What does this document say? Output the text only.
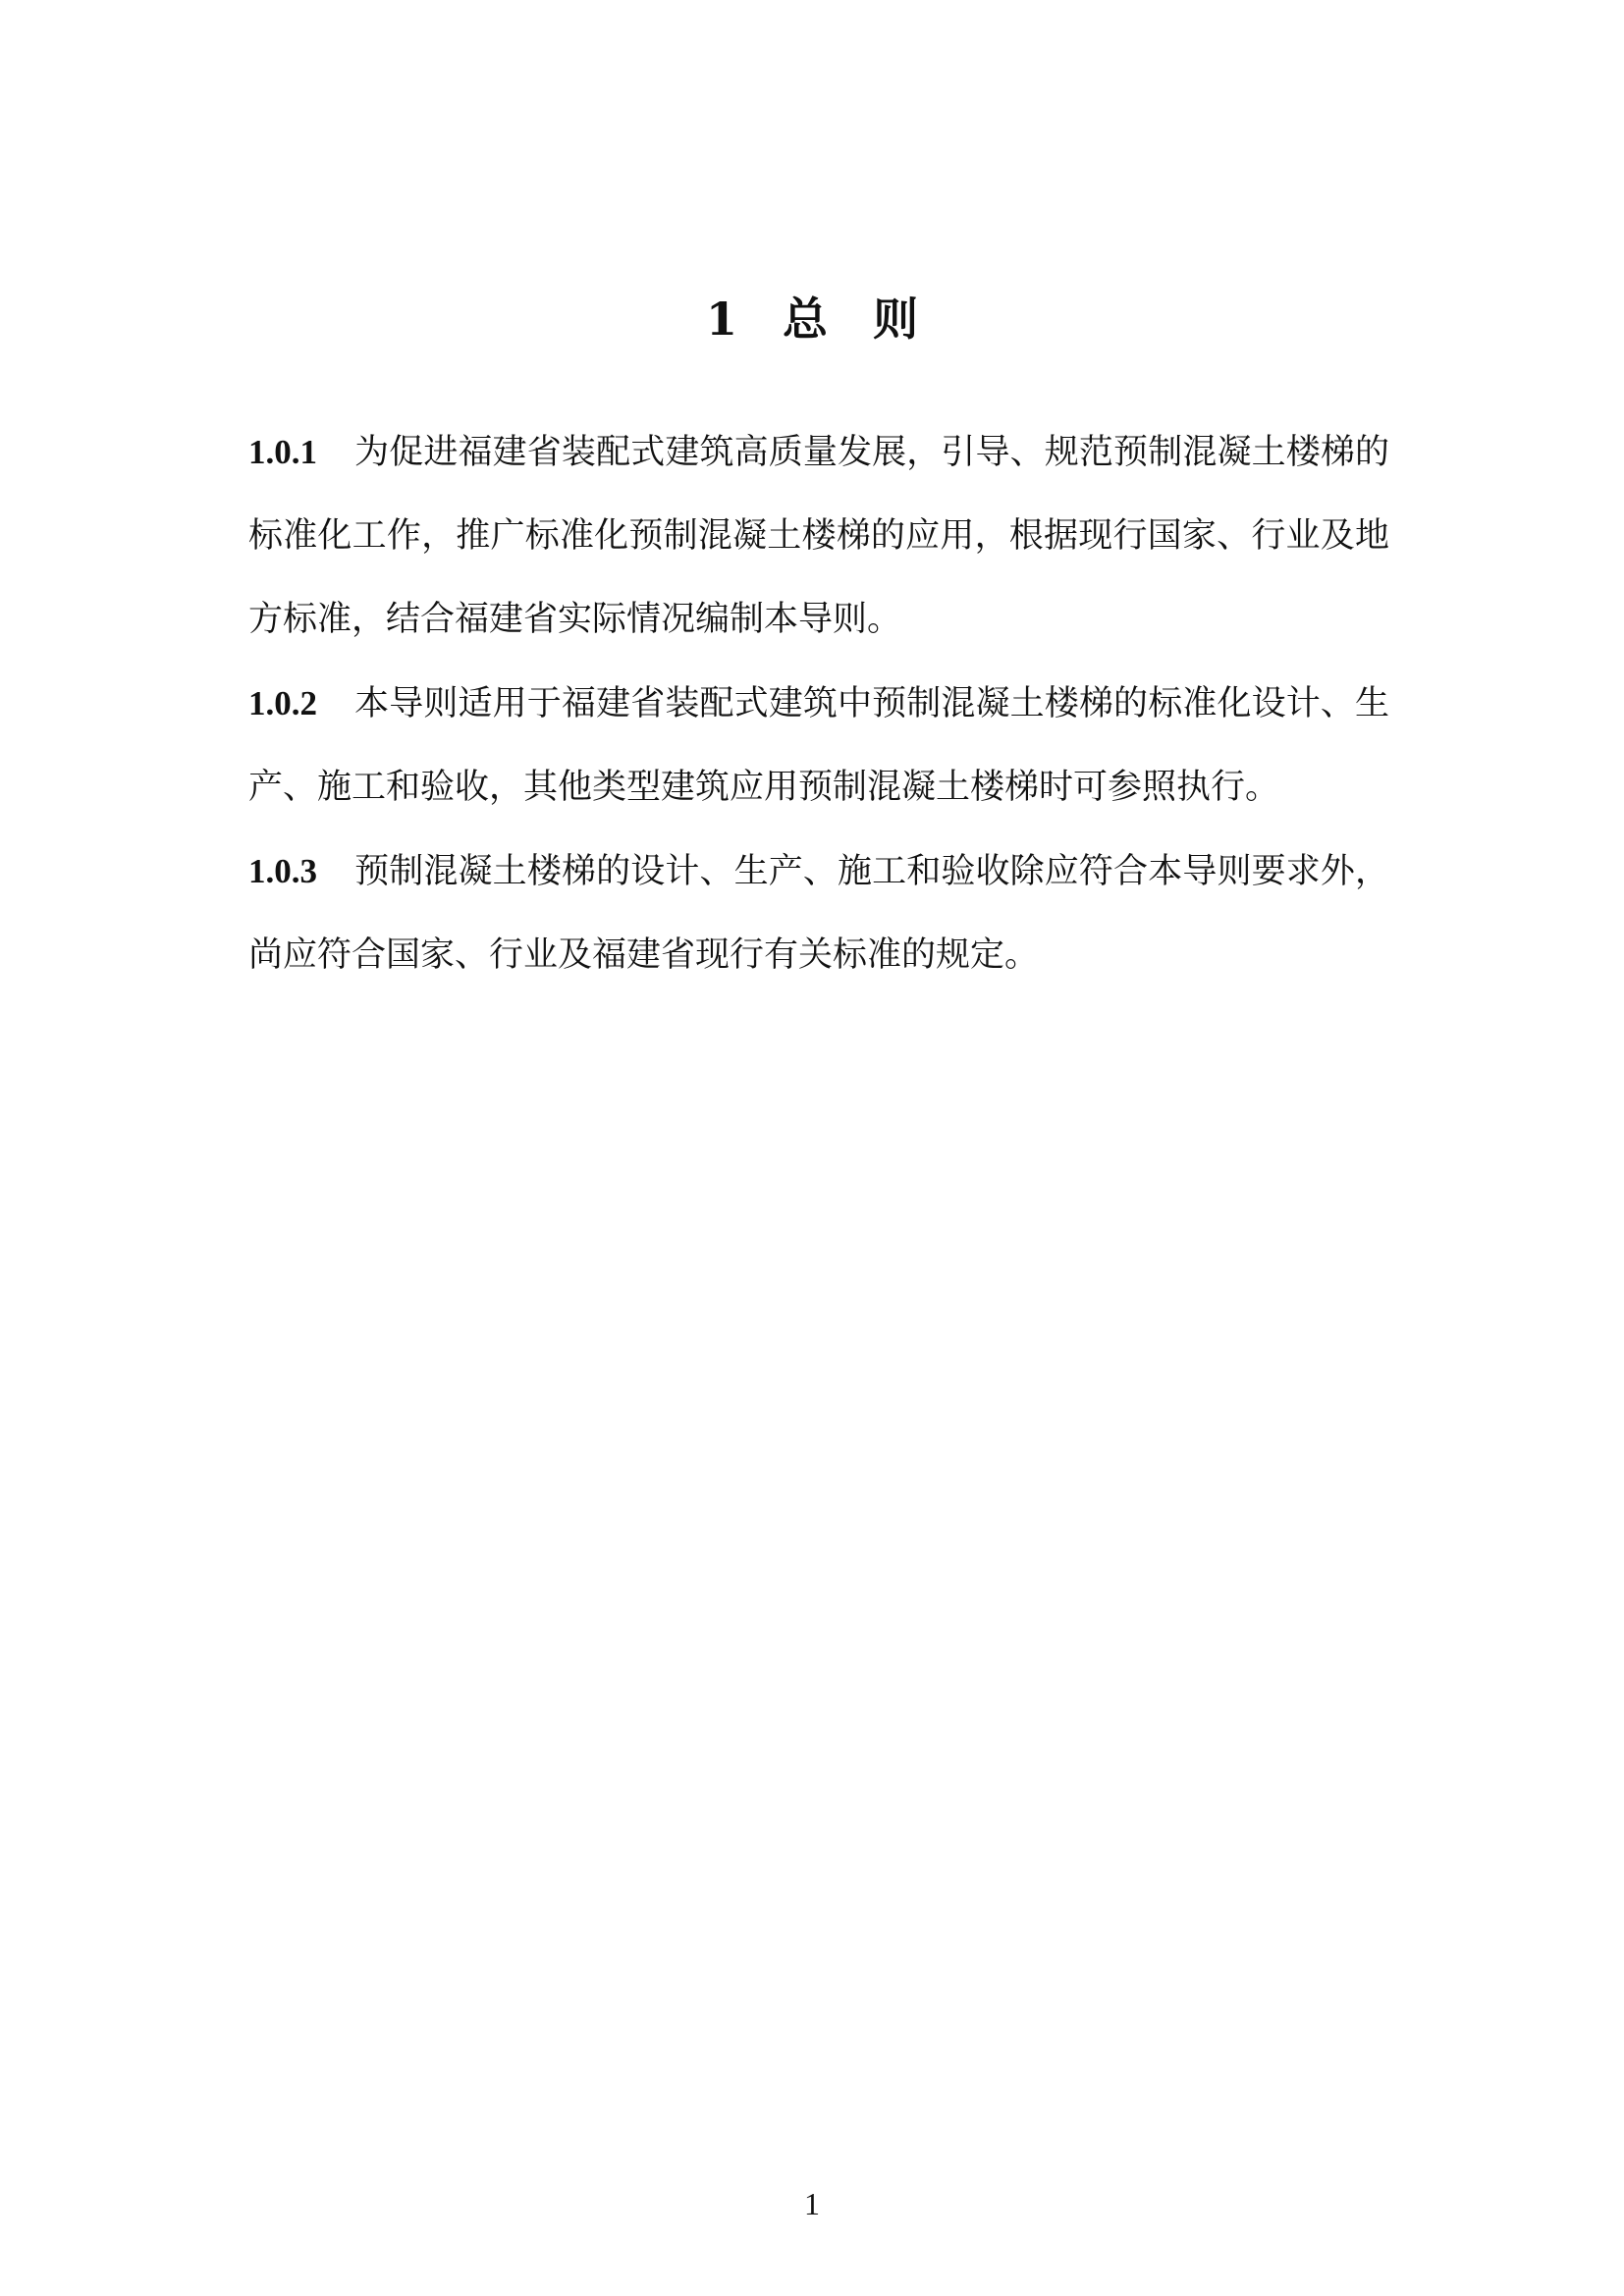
1　总　则

1.0.1 为促进福建省装配式建筑高质量发展，引导、规范预制混凝土楼梯的标准化工作，推广标准化预制混凝土楼梯的应用，根据现行国家、行业及地方标准，结合福建省实际情况编制本导则。

1.0.2 本导则适用于福建省装配式建筑中预制混凝土楼梯的标准化设计、生产、施工和验收，其他类型建筑应用预制混凝土楼梯时可参照执行。

1.0.3 预制混凝土楼梯的设计、生产、施工和验收除应符合本导则要求外，尚应符合国家、行业及福建省现行有关标准的规定。

1
